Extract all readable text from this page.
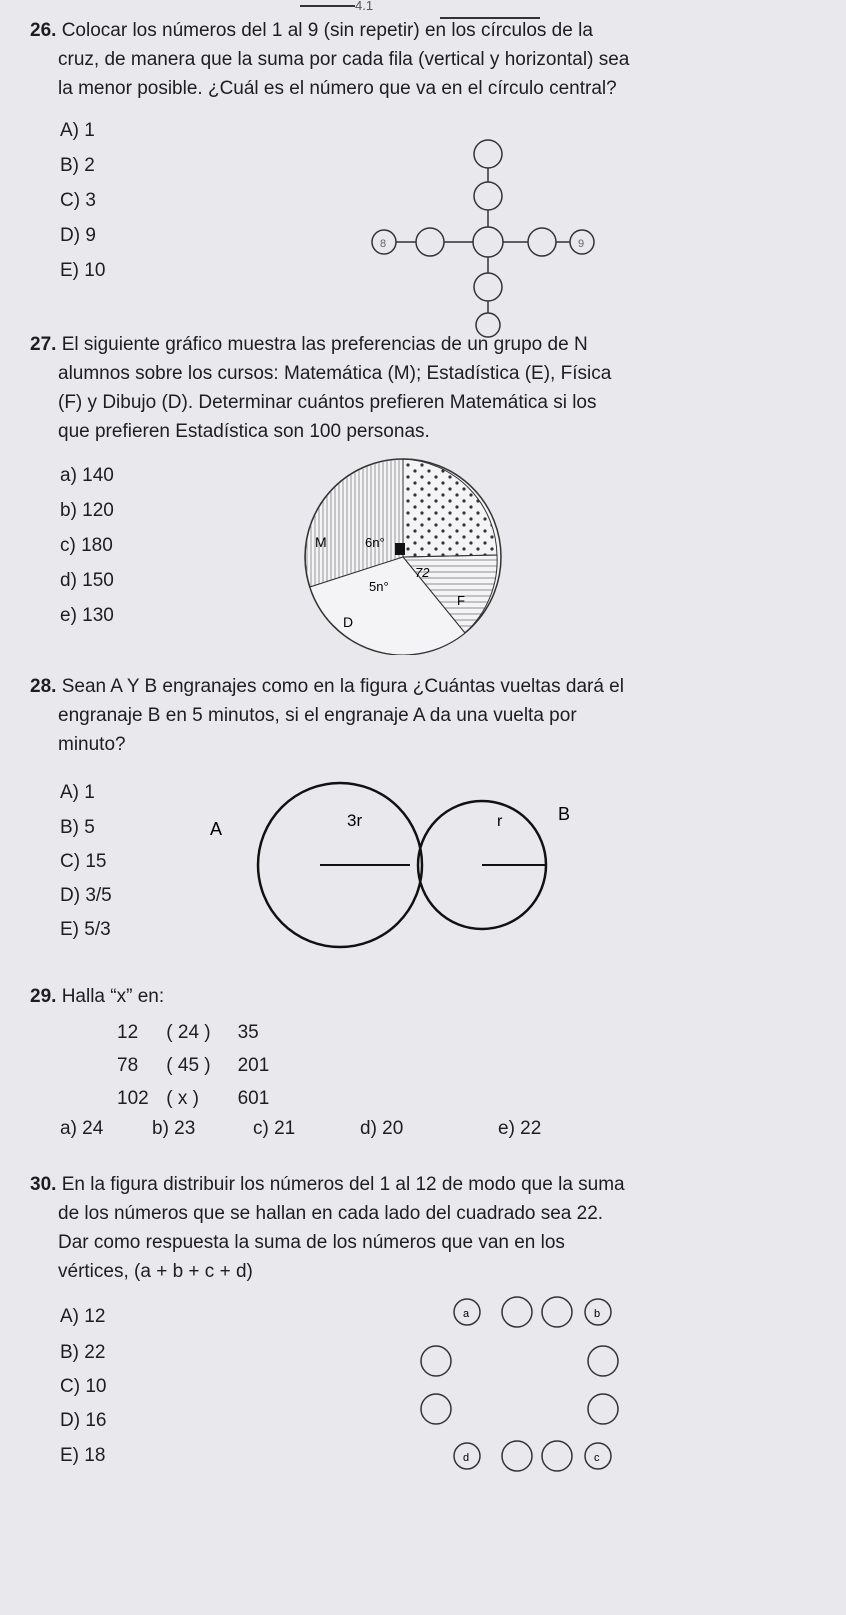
4.1
26. Colocar los números del 1 al 9 (sin repetir) en los círculos de la
cruz, de manera que la suma por cada fila (vertical y horizontal) sea
la menor posible. ¿Cuál es el número que va en el círculo central?
A) 1
B) 2
C) 3
D) 9
E) 10
8	9
27. El siguiente gráfico muestra las preferencias de un grupo de N
alumnos sobre los cursos: Matemática (M); Estadística (E), Física
(F) y Dibujo (D). Determinar cuántos prefieren Matemática si los
que prefieren Estadística son 100 personas.
a) 140
b) 120
c) 180
d) 150
e) 130
M	6n°
5n°
72
F
D
28. Sean A Y B engranajes como en la figura ¿Cuántas vueltas dará el
engranaje B en 5 minutos, si el engranaje A da una vuelta por
minuto?
A) 1
B) 5
C) 15
D) 3/5
E) 5/3
A	3r	r	B
29. Halla “x” en:
12 ( 24 ) 35
78 ( 45 ) 201
102 ( x ) 601
a) 24	b) 23	c) 21	d) 20	e) 22
30. En la figura distribuir los números del 1 al 12 de modo que la suma
de los números que se hallan en cada lado del cuadrado sea 22.
Dar como respuesta la suma de los números que van en los
vértices, (a + b + c + d)
A) 12
B) 22
C) 10
D) 16
E) 18
a	b
c
d
